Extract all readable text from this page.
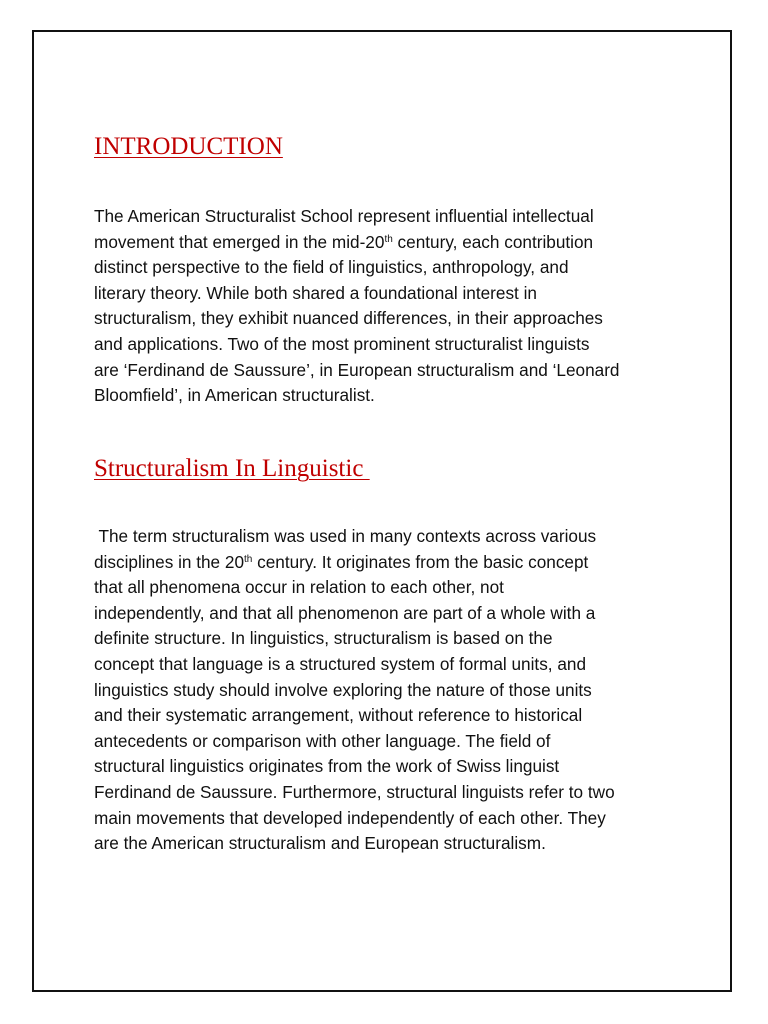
INTRODUCTION
The American Structuralist School represent influential intellectual
movement that emerged in the mid-20th century, each contribution
distinct perspective to the field of linguistics, anthropology, and
literary theory. While both shared a foundational interest in
structuralism, they exhibit nuanced differences, in their approaches
and applications. Two of the most prominent structuralist linguists
are ‘Ferdinand de Saussure’, in European structuralism and ‘Leonard
Bloomfield’, in American structuralist.
Structuralism In Linguistic
The term structuralism was used in many contexts across various
disciplines in the 20th century. It originates from the basic concept
that all phenomena occur in relation to each other, not
independently, and that all phenomenon are part of a whole with a
definite structure. In linguistics, structuralism is based on the
concept that language is a structured system of formal units, and
linguistics study should involve exploring the nature of those units
and their systematic arrangement, without reference to historical
antecedents or comparison with other language. The field of
structural linguistics originates from the work of Swiss linguist
Ferdinand de Saussure. Furthermore, structural linguists refer to two
main movements that developed independently of each other. They
are the American structuralism and European structuralism.
